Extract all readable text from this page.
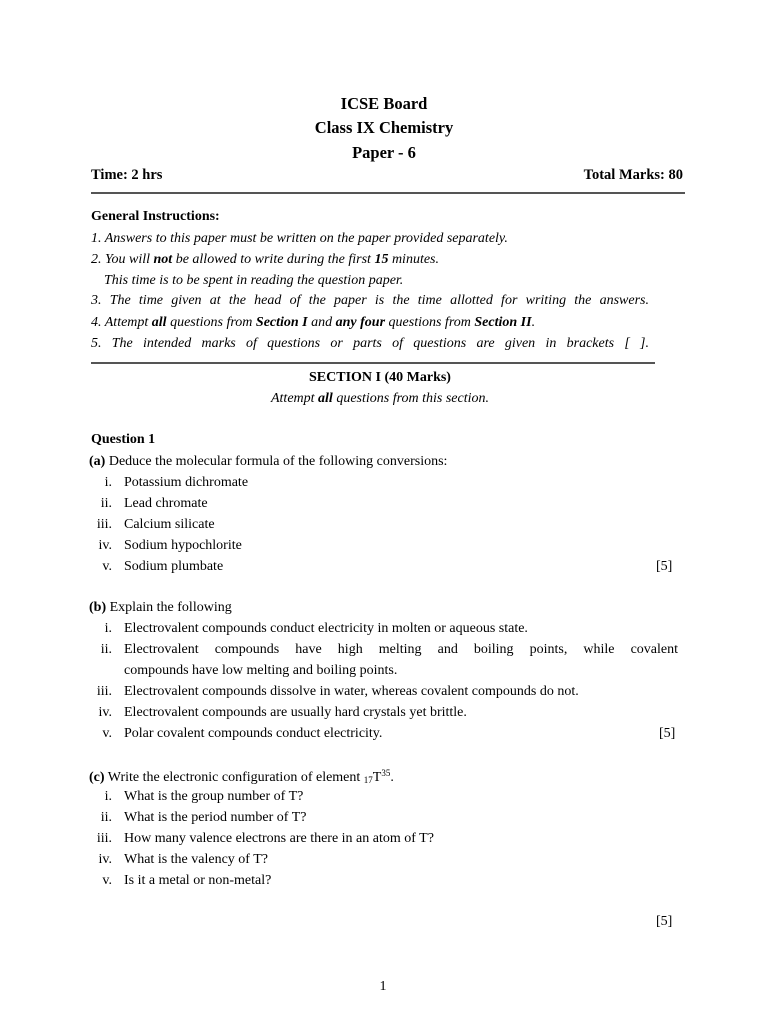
ICSE Board
Class IX Chemistry
Paper - 6
Time: 2 hrs	Total Marks: 80
General Instructions:
1. Answers to this paper must be written on the paper provided separately.
2. You will not be allowed to write during the first 15 minutes.
This time is to be spent in reading the question paper.
3. The time given at the head of the paper is the time allotted for writing the answers.
4. Attempt all questions from Section I and any four questions from Section II.
5. The intended marks of questions or parts of questions are given in brackets [ ].
SECTION I (40 Marks)
Attempt all questions from this section.
Question 1
(a) Deduce the molecular formula of the following conversions:
i. Potassium dichromate
ii. Lead chromate
iii. Calcium silicate
iv. Sodium hypochlorite
v. Sodium plumbate	[5]
(b) Explain the following
i. Electrovalent compounds conduct electricity in molten or aqueous state.
ii. Electrovalent compounds have high melting and boiling points, while covalent
compounds have low melting and boiling points.
iii. Electrovalent compounds dissolve in water, whereas covalent compounds do not.
iv. Electrovalent compounds are usually hard crystals yet brittle.
v. Polar covalent compounds conduct electricity.	[5]
(c) Write the electronic configuration of element $_{17}T^{35}$.
i. What is the group number of T?
ii. What is the period number of T?
iii. How many valence electrons are there in an atom of T?
iv. What is the valency of T?
v. Is it a metal or non-metal?
[5]
1
